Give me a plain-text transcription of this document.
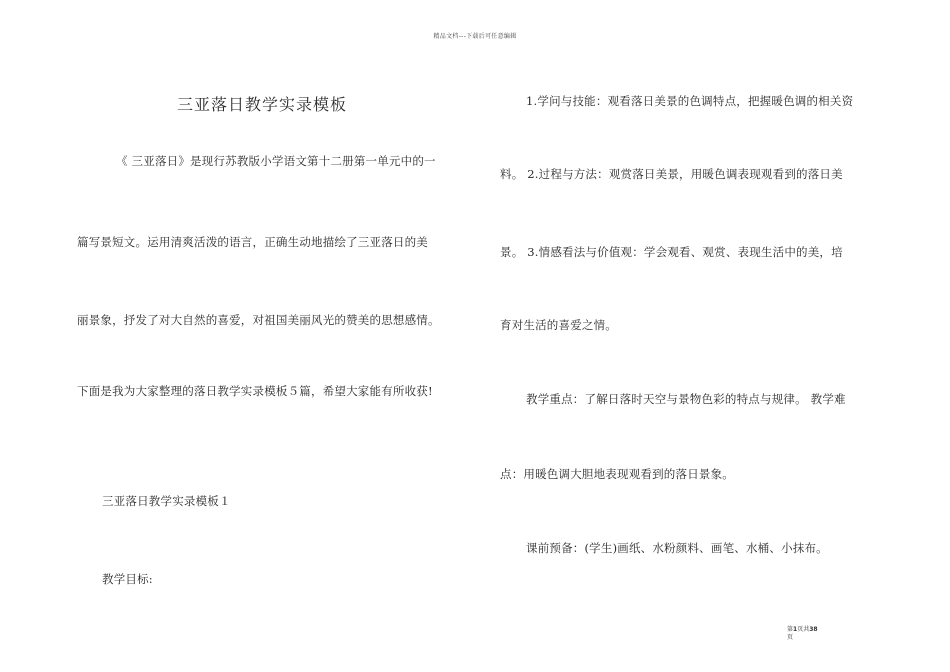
精品文档---下载后可任意编辑
三亚落日教学实录模板
《 三亚落日》是现行苏教版小学语文第十二册第一单元中的一
篇写景短文。运用清爽活泼的语言，正确生动地描绘了三亚落日的美
丽景象，抒发了对大自然的喜爱，对祖国美丽风光的赞美的思想感情。
下面是我为大家整理的落日教学实录模板５篇，希望大家能有所收获!
三亚落日教学实录模板１
教学目标:
1.学问与技能：观看落日美景的色调特点，把握暖色调的相关资
料。 2.过程与方法：观赏落日美景，用暖色调表现观看到的落日美
景。 3.情感看法与价值观：学会观看、观赏、表现生活中的美，培
育对生活的喜爱之情。
教学重点：了解日落时天空与景物色彩的特点与规律。 教学难
点：用暖色调大胆地表现观看到的落日景象。
课前预备：(学生)画纸、水粉颜料、画笔、水桶、小抹布。
第1页共38
页
